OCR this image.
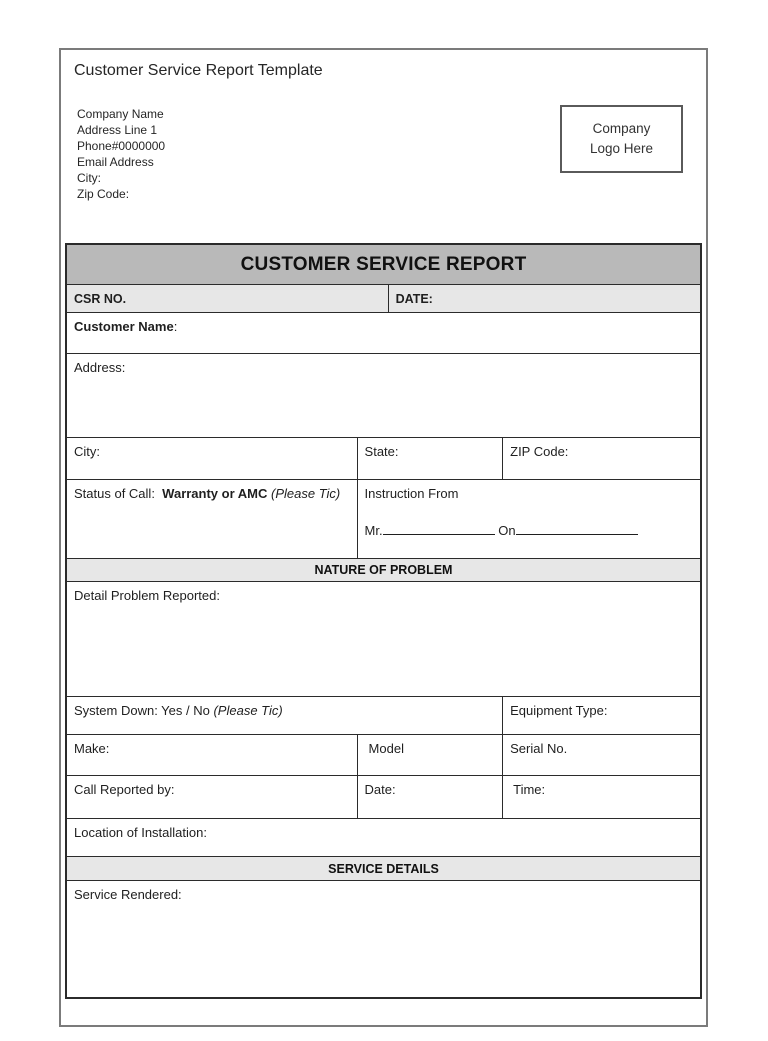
Customer Service Report Template
Company Name
Address Line 1
Phone#0000000
Email Address
City:
Zip Code:
Company
Logo Here
CUSTOMER SERVICE REPORT
CSR NO.	DATE:
Customer Name:
Address:
City:	State:	ZIP Code:
Status of Call: Warranty or AMC (Please Tic)	Instruction From
Mr.	On
NATURE OF PROBLEM
Detail Problem Reported:
System Down: Yes / No (Please Tic)	Equipment Type:
Make:	Model	Serial No.
Call Reported by:	Date:	Time:
Location of Installation:
SERVICE DETAILS
Service Rendered:
